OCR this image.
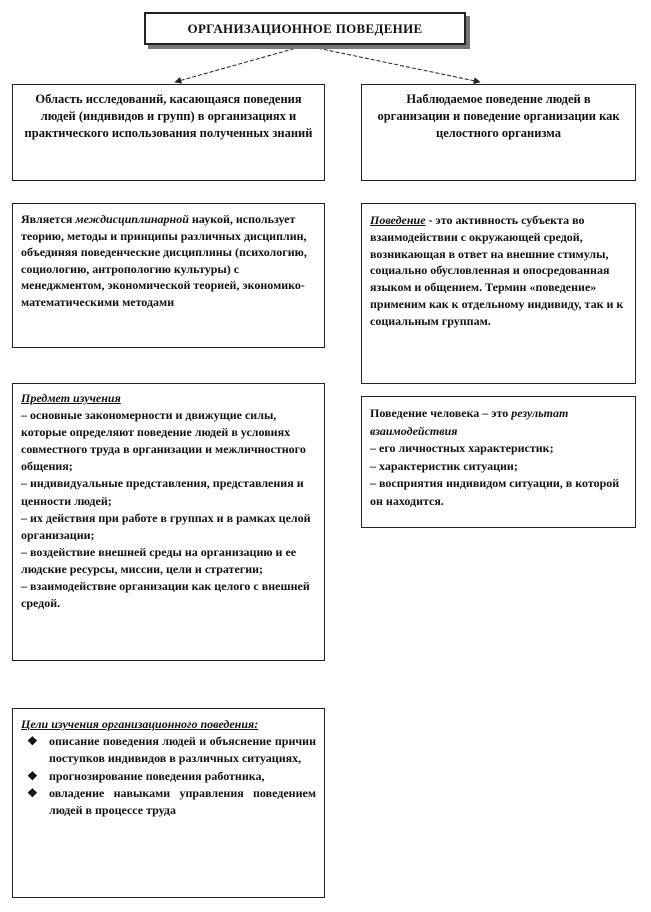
ОРГАНИЗАЦИОННОЕ ПОВЕДЕНИЕ
Область исследований, касающаяся поведения людей (индивидов и групп) в организациях и практического использования полученных знаний
Наблюдаемое поведение людей в организации и поведение организации как целостного организма
Является междисциплинарной наукой, использует теорию, методы и принципы различных дисциплин, объединяя поведенческие дисциплины (психологию, социологию, антропологию культуры) с менеджментом, экономической теорией, экономико-математическими методами
Поведение - это активность субъекта во взаимодействии с окружающей средой, возникающая в ответ на внешние стимулы, социально обусловленная и опосредованная языком и общением. Термин «поведение» применим как к отдельному индивиду, так и к социальным группам.
Предмет изучения
– основные закономерности и движущие силы, которые определяют поведение людей в условиях совместного труда в организации и межличностного общения;
– индивидуальные представления, представления и ценности людей;
– их действия при работе в группах и в рамках целой организации;
– воздействие внешней среды на организацию и ее людские ресурсы, миссии, цели и стратегии;
– взаимодействие организации как целого с внешней средой.
Поведение человека – это результат взаимодействия
– его личностных характеристик;
– характеристик ситуации;
– восприятия индивидом ситуации, в которой он находится.
Цели изучения организационного поведения:
❖ описание поведения людей и объяснение причин поступков индивидов в различных ситуациях,
❖ прогнозирование поведения работника,
❖ овладение навыками управления поведением людей в процессе труда
